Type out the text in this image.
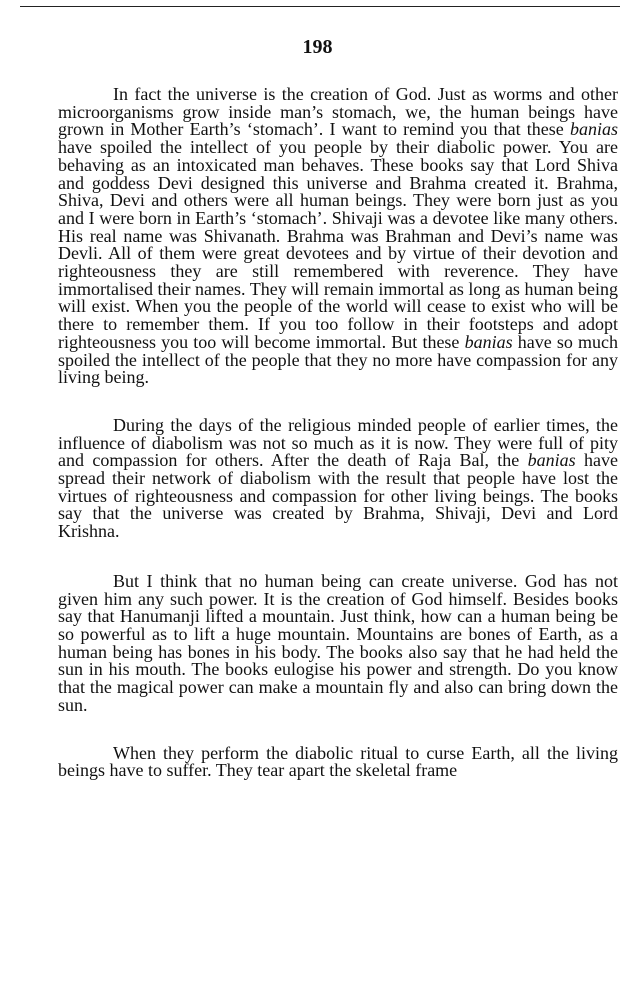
198

In fact the universe is the creation of God. Just as worms and other microorganisms grow inside man’s stomach, we, the human beings have grown in Mother Earth’s ‘stomach’. I want to remind you that these banias have spoiled the intellect of you people by their diabolic power. You are behaving as an intoxicated man behaves. These books say that Lord Shiva and goddess Devi designed this universe and Brahma created it. Brahma, Shiva, Devi and others were all human beings. They were born just as you and I were born in Earth’s ‘stomach’. Shivaji was a devotee like many others. His real name was Shivanath. Brahma was Brahman and Devi’s name was Devli. All of them were great devotees and by virtue of their devotion and righteousness they are still remembered with reverence. They have immortalised their names. They will remain immortal as long as human being will exist. When you the people of the world will cease to exist who will be there to remember them. If you too follow in their footsteps and adopt righteousness you too will become immortal. But these banias have so much spoiled the intellect of the people that they no more have compassion for any living being.

During the days of the religious minded people of earlier times, the influence of diabolism was not so much as it is now. They were full of pity and compassion for others. After the death of Raja Bal, the banias have spread their network of diabolism with the result that people have lost the virtues of righteousness and compassion for other living beings. The books say that the universe was created by Brahma, Shivaji, Devi and Lord Krishna.

But I think that no human being can create universe. God has not given him any such power. It is the creation of God himself. Besides books say that Hanumanji lifted a mountain. Just think, how can a human being be so powerful as to lift a huge mountain. Mountains are bones of Earth, as a human being has bones in his body. The books also say that he had held the sun in his mouth. The books eulogise his power and strength. Do you know that the magical power can make a mountain fly and also can bring down the sun.

When they perform the diabolic ritual to curse Earth, all the living beings have to suffer. They tear apart the skeletal frame
